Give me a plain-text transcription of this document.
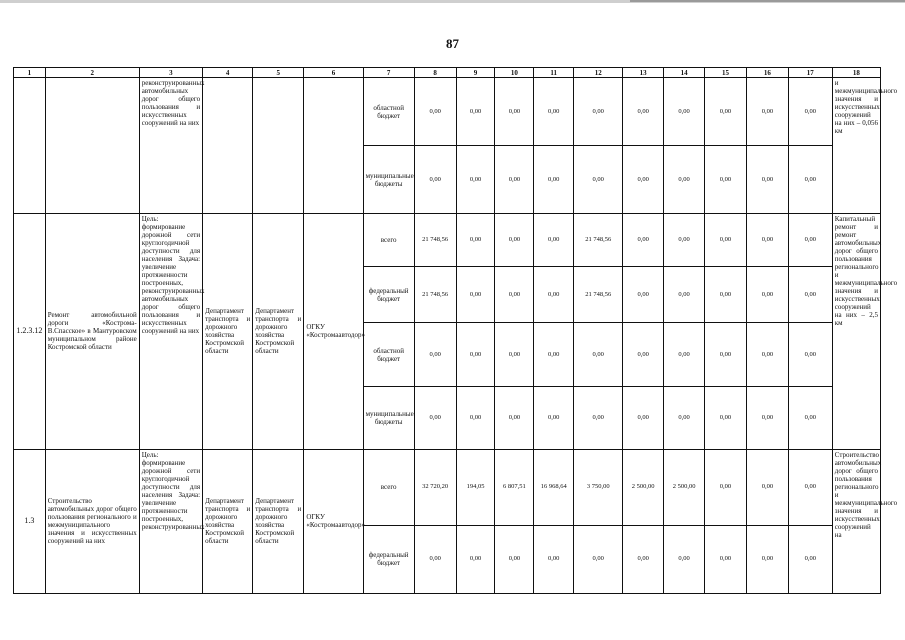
87
1	2	3	4	5	6	7	8	9	10	11	12	13	14	15	16	17	18
		реконструированных автомобильных дорог общего пользования и искусственных сооружений на них				областной бюджет	0,00	0,00	0,00	0,00	0,00	0,00	0,00	0,00	0,00	0,00	и межмуниципального значения и искусственных сооружений на них – 0,056 км
						муниципальные бюджеты	0,00	0,00	0,00	0,00	0,00	0,00	0,00	0,00	0,00	0,00	
1.2.3.12	Ремонт автомобильной дороги «Кострома-В.Спасское» в Мантуровском муниципальном районе Костромской области	Цель: формирование дорожной сети круглогодичной доступности для населения Задача: увеличение протяженности построенных, реконструированных автомобильных дорог общего пользования и искусственных сооружений на них	Департамент транспорта и дорожного хозяйства Костромской области	Департамент транспорта и дорожного хозяйства Костромской области	ОГКУ «Костромаавтодор»	всего	21 748,56	0,00	0,00	0,00	21 748,56	0,00	0,00	0,00	0,00	0,00	Капитальный ремонт и ремонт автомобильных дорог общего пользования регионального и межмуниципального значения и искусственных сооружений на них – 2,5 км
						федеральный бюджет	21 748,56	0,00	0,00	0,00	21 748,56	0,00	0,00	0,00	0,00	0,00	
						областной бюджет	0,00	0,00	0,00	0,00	0,00	0,00	0,00	0,00	0,00	0,00	
						муниципальные бюджеты	0,00	0,00	0,00	0,00	0,00	0,00	0,00	0,00	0,00	0,00	
1.3	Строительство автомобильных дорог общего пользования регионального и межмуниципального значения и искусственных сооружений на них	Цель: формирование дорожной сети круглогодичной доступности для населения Задача: увеличение протяженности построенных, реконструированных	Департамент транспорта и дорожного хозяйства Костромской области	Департамент транспорта и дорожного хозяйства Костромской области	ОГКУ «Костромаавтодор»	всего	32 720,20	194,05	6 807,51	16 968,64	3 750,00	2 500,00	2 500,00	0,00	0,00	0,00	Строительство автомобильных дорог общего пользования регионального и межмуниципального значения и искусственных сооружений на
						федеральный бюджет	0,00	0,00	0,00	0,00	0,00	0,00	0,00	0,00	0,00	0,00	
